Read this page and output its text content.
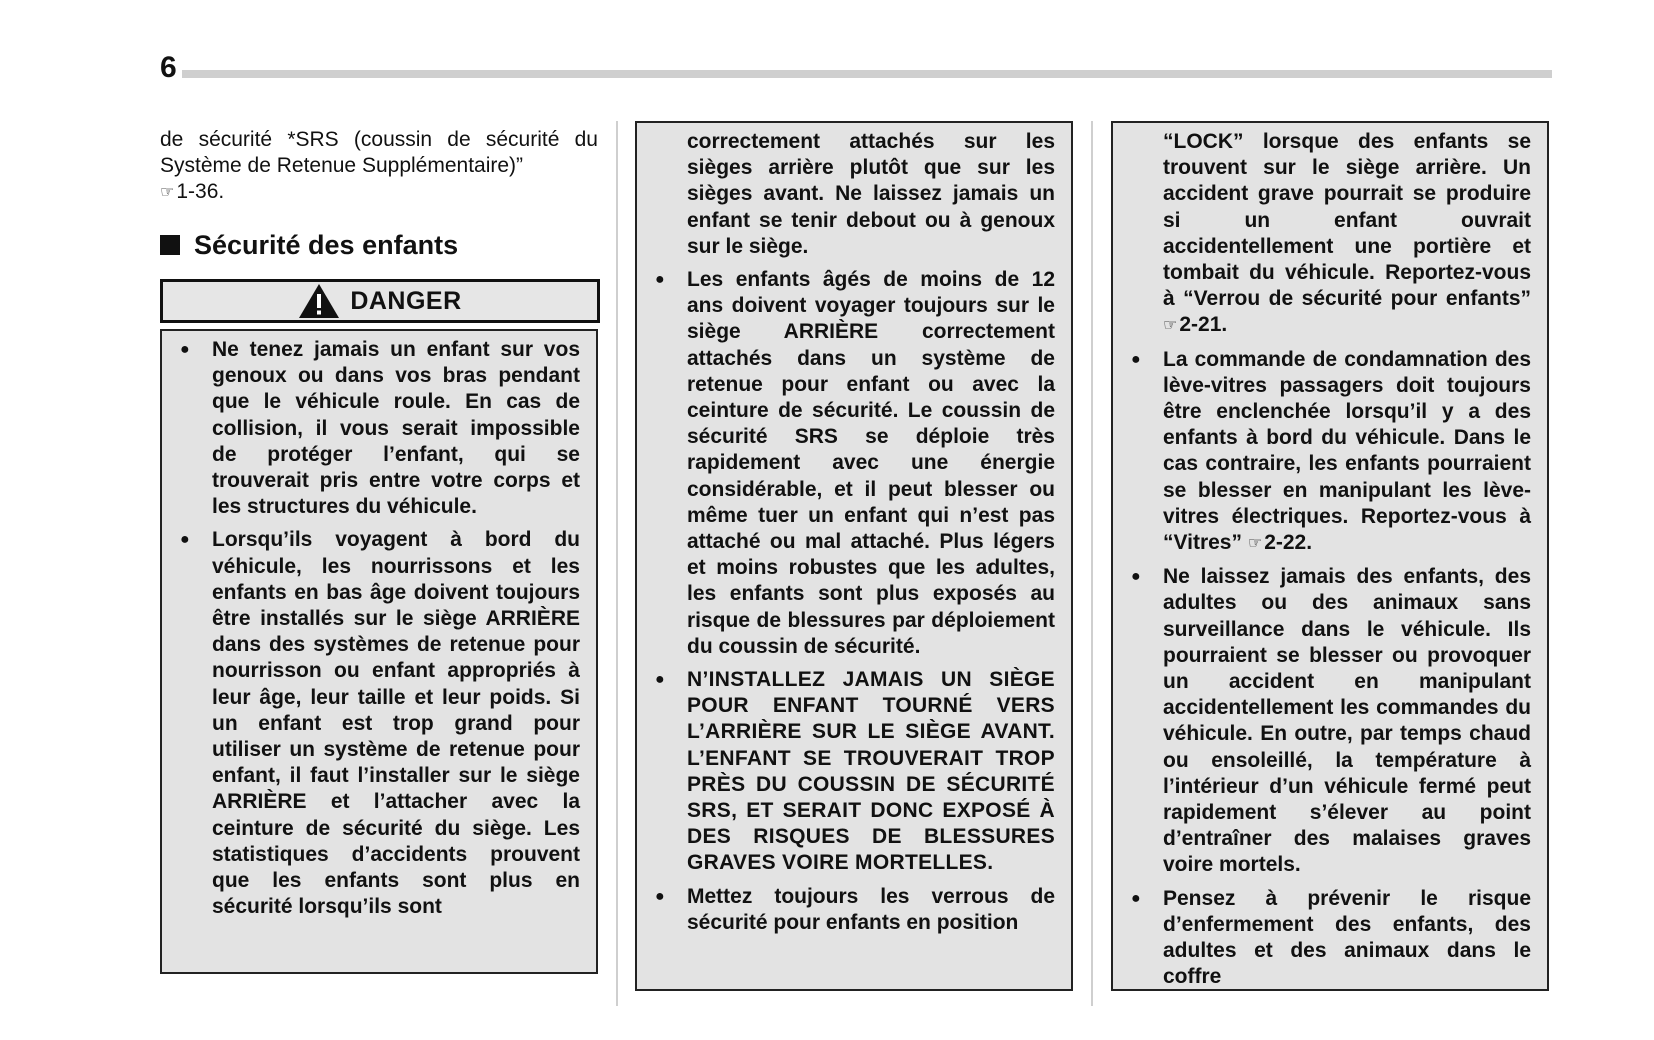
6
de sécurité *SRS (coussin de sécurité du Système de Retenue Supplémentaire)”
☞1-36.
Sécurité des enfants
DANGER
● Ne tenez jamais un enfant sur vos genoux ou dans vos bras pendant que le véhicule roule. En cas de collision, il vous serait impossible de protéger l’enfant, qui se trouverait pris entre votre corps et les structures du véhicule.
● Lorsqu’ils voyagent à bord du véhicule, les nourrissons et les enfants en bas âge doivent toujours être installés sur le siège ARRIÈRE dans des systèmes de retenue pour nourrisson ou enfant appropriés à leur âge, leur taille et leur poids. Si un enfant est trop grand pour utiliser un système de retenue pour enfant, il faut l’installer sur le siège ARRIÈRE et l’attacher avec la ceinture de sécurité du siège. Les statistiques d’accidents prouvent que les enfants sont plus en sécurité lorsqu’ils sont
correctement attachés sur les sièges arrière plutôt que sur les sièges avant. Ne laissez jamais un enfant se tenir debout ou à genoux sur le siège.
● Les enfants âgés de moins de 12 ans doivent voyager toujours sur le siège ARRIÈRE correctement attachés dans un système de retenue pour enfant ou avec la ceinture de sécurité. Le coussin de sécurité SRS se déploie très rapidement avec une énergie considérable, et il peut blesser ou même tuer un enfant qui n’est pas attaché ou mal attaché. Plus légers et moins robustes que les adultes, les enfants sont plus exposés au risque de blessures par déploiement du coussin de sécurité.
● N’INSTALLEZ JAMAIS UN SIÈGE POUR ENFANT TOURNÉ VERS L’ARRIÈRE SUR LE SIÈGE AVANT. L’ENFANT SE TROUVERAIT TROP PRÈS DU COUSSIN DE SÉCURITÉ SRS, ET SERAIT DONC EXPOSÉ À DES RISQUES DE BLESSURES GRAVES VOIRE MORTELLES.
● Mettez toujours les verrous de sécurité pour enfants en position
“LOCK” lorsque des enfants se trouvent sur le siège arrière. Un accident grave pourrait se produire si un enfant ouvrait accidentellement une portière et tombait du véhicule. Reportez-vous à “Verrou de sécurité pour enfants” ☞2-21.
● La commande de condamnation des lève-vitres passagers doit toujours être enclenchée lorsqu’il y a des enfants à bord du véhicule. Dans le cas contraire, les enfants pourraient se blesser en manipulant les lève-vitres électriques. Reportez-vous à “Vitres” ☞2-22.
● Ne laissez jamais des enfants, des adultes ou des animaux sans surveillance dans le véhicule. Ils pourraient se blesser ou provoquer un accident en manipulant accidentellement les commandes du véhicule. En outre, par temps chaud ou ensoleillé, la température à l’intérieur d’un véhicule fermé peut rapidement s’élever au point d’entraîner des malaises graves voire mortels.
● Pensez à prévenir le risque d’enfermement des enfants, des adultes et des animaux dans le coffre
